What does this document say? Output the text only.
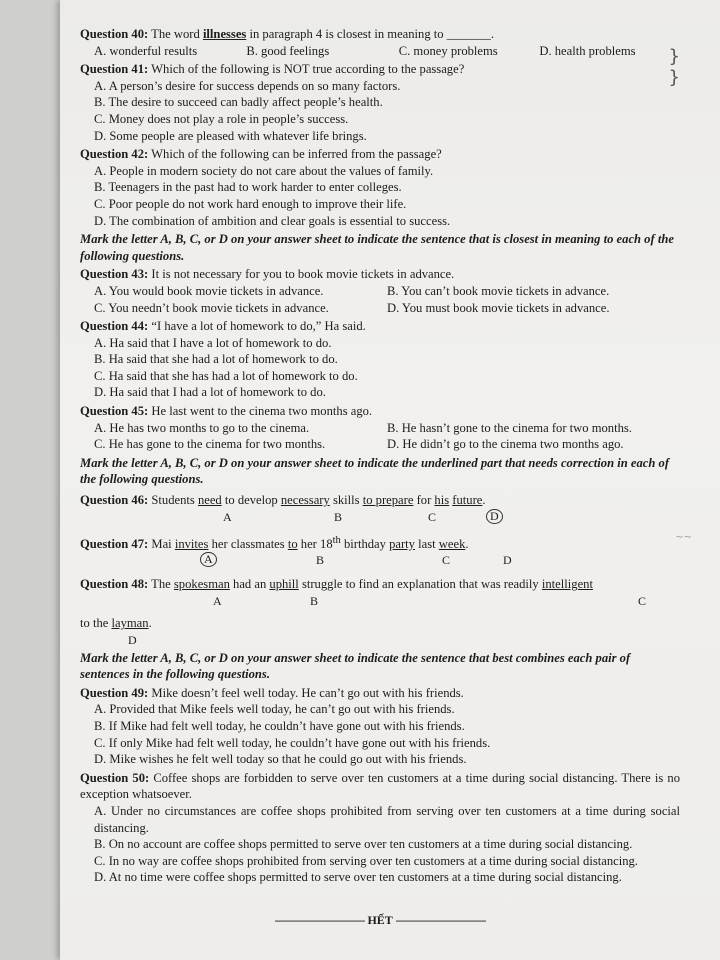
}
}
~~
Question 40: The word illnesses in paragraph 4 is closest in meaning to _______.
A. wonderful results	B. good feelings	C. money problems	D. health problems
Question 41: Which of the following is NOT true according to the passage?
A. A person’s desire for success depends on so many factors.
B. The desire to succeed can badly affect people’s health.
C. Money does not play a role in people’s success.
D. Some people are pleased with whatever life brings.
Question 42: Which of the following can be inferred from the passage?
A. People in modern society do not care about the values of family.
B. Teenagers in the past had to work harder to enter colleges.
C. Poor people do not work hard enough to improve their life.
D. The combination of ambition and clear goals is essential to success.
Mark the letter A, B, C, or D on your answer sheet to indicate the sentence that is closest in meaning to each of the following questions.
Question 43: It is not necessary for you to book movie tickets in advance.
A. You would book movie tickets in advance.	B. You can’t book movie tickets in advance.
C. You needn’t book movie tickets in advance.	D. You must book movie tickets in advance.
Question 44: “I have a lot of homework to do,” Ha said.
A. Ha said that I have a lot of homework to do.
B. Ha said that she had a lot of homework to do.
C. Ha said that she has had a lot of homework to do.
D. Ha said that I had a lot of homework to do.
Question 45: He last went to the cinema two months ago.
A. He has two months to go to the cinema.	B. He hasn’t gone to the cinema for two months.
C. He has gone to the cinema for two months.	D. He didn’t go to the cinema two months ago.
Mark the letter A, B, C, or D on your answer sheet to indicate the underlined part that needs correction in each of the following questions.
Question 46: Students need to develop necessary skills to prepare for his future.
A	B	C	D
Question 47: Mai invites her classmates to her 18th birthday party last week.
A	B	C	D
Question 48: The spokesman had an uphill struggle to find an explanation that was readily intelligent
A	B	C
to the layman.
D
Mark the letter A, B, C, or D on your answer sheet to indicate the sentence that best combines each pair of sentences in the following questions.
Question 49: Mike doesn’t feel well today. He can’t go out with his friends.
A. Provided that Mike feels well today, he can’t go out with his friends.
B. If Mike had felt well today, he couldn’t have gone out with his friends.
C. If only Mike had felt well today, he couldn’t have gone out with his friends.
D. Mike wishes he felt well today so that he could go out with his friends.
Question 50: Coffee shops are forbidden to serve over ten customers at a time during social distancing. There is no exception whatsoever.
A. Under no circumstances are coffee shops prohibited from serving over ten customers at a time during social distancing.
B. On no account are coffee shops permitted to serve over ten customers at a time during social distancing.
C. In no way are coffee shops prohibited from serving over ten customers at a time during social distancing.
D. At no time were coffee shops permitted to serve over ten customers at a time during social distancing.
------------------------------ HẾT ------------------------------
